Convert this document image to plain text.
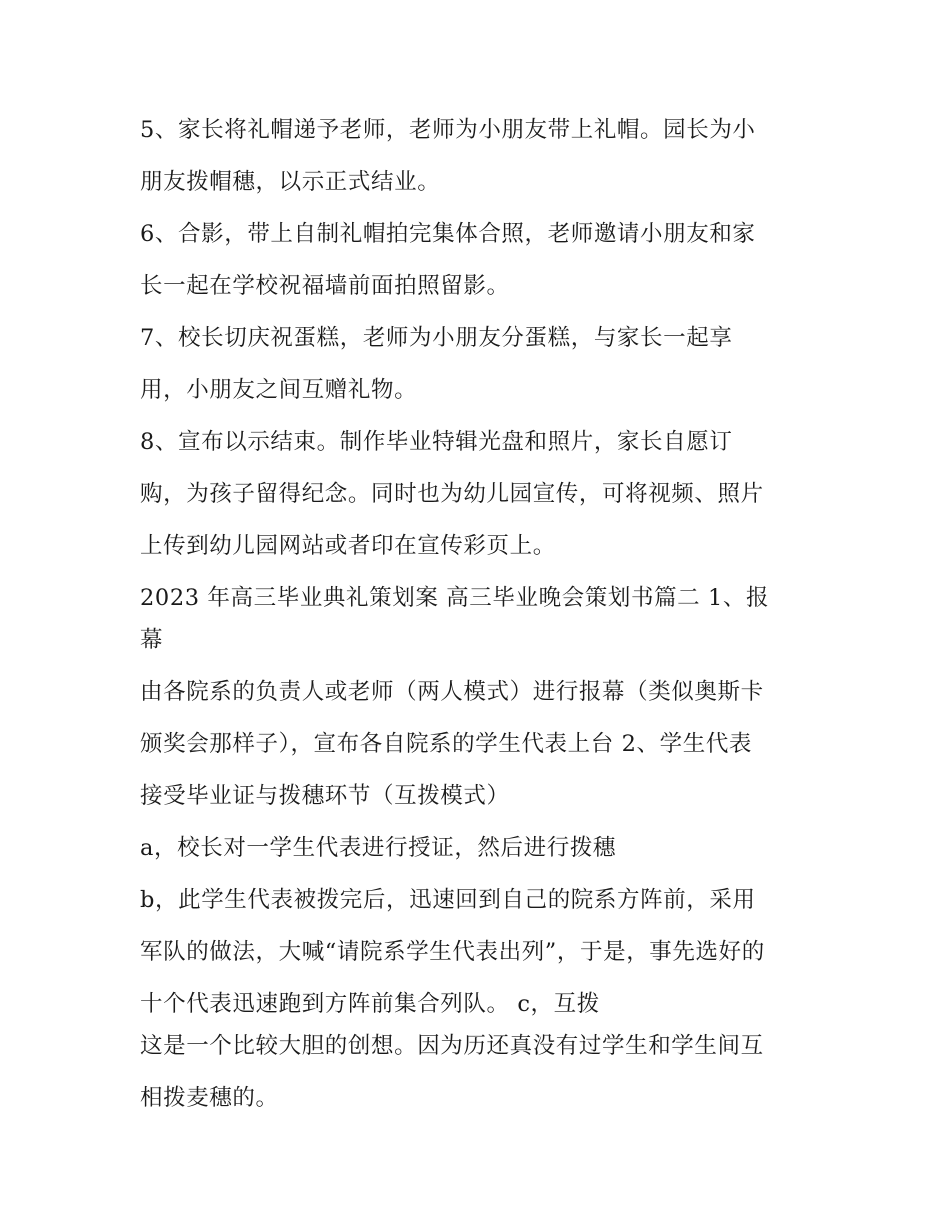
5、家长将礼帽递予老师，老师为小朋友带上礼帽。园长为小
朋友拨帽穗，以示正式结业。
6、合影，带上自制礼帽拍完集体合照，老师邀请小朋友和家
长一起在学校祝福墙前面拍照留影。
7、校长切庆祝蛋糕，老师为小朋友分蛋糕，与家长一起享
用，小朋友之间互赠礼物。
8、宣布以示结束。制作毕业特辑光盘和照片，家长自愿订
购，为孩子留得纪念。同时也为幼儿园宣传，可将视频、照片
上传到幼儿园网站或者印在宣传彩页上。
2023 年高三毕业典礼策划案 高三毕业晚会策划书篇二 1、报
幕
由各院系的负责人或老师（两人模式）进行报幕（类似奥斯卡
颁奖会那样子），宣布各自院系的学生代表上台 2、学生代表
接受毕业证与拨穗环节（互拨模式）
a，校长对一学生代表进行授证，然后进行拨穗
b，此学生代表被拨完后，迅速回到自己的院系方阵前，采用
军队的做法，大喊“请院系学生代表出列”，于是，事先选好的
十个代表迅速跑到方阵前集合列队。 c，互拨
这是一个比较大胆的创想。因为历还真没有过学生和学生间互
相拨麦穗的。
